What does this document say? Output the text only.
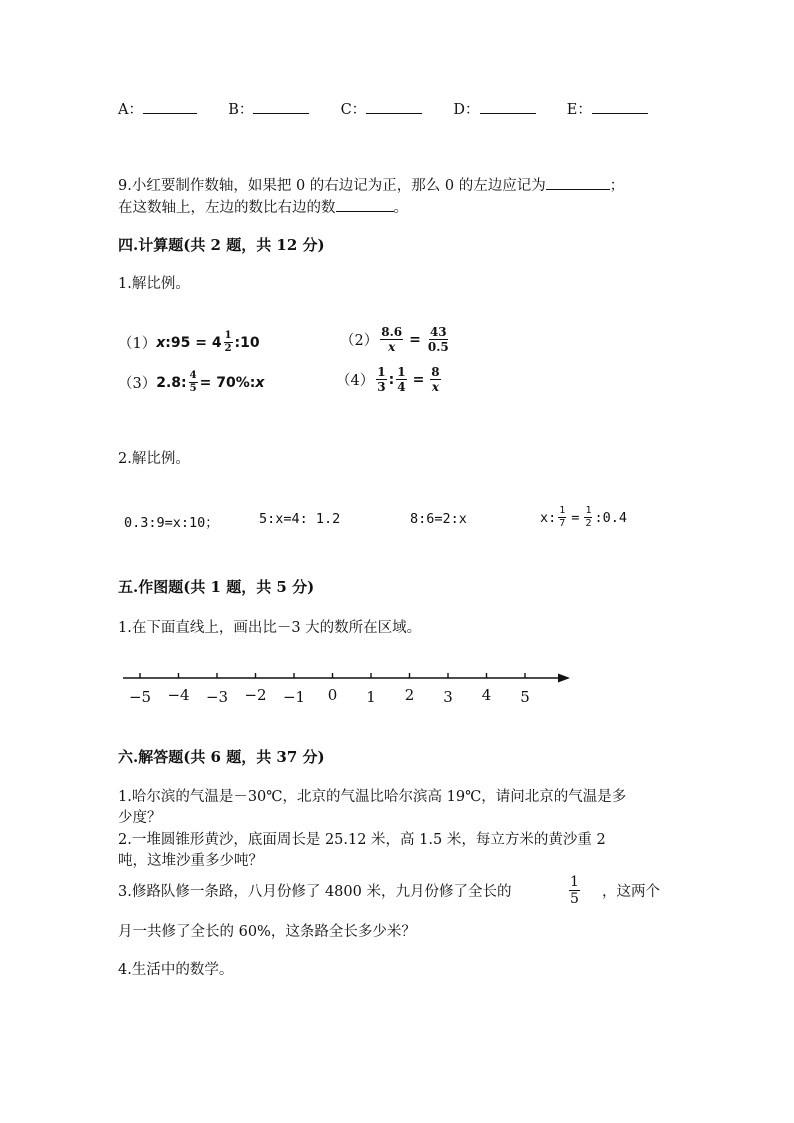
A：	B：	C：	D：	E：
9.小红要制作数轴，如果把 0 的右边记为正，那么 0 的左边应记为	；
在这数轴上，左边的数比右边的数	。
四.计算题(共 2 题，共 12 分)
1.解比例。
（1） x :95 = $4 \frac{1}{2}$ :10	$(2) \frac{8.6}{x} = \frac{43}{0.5}$
（3） 2.8: $\frac{4}{5} = 70\%$: x	$(4) \frac{1}{3}$ : $\frac{1}{4} = \frac{8}{x}$
2.解比例。
0.3:9=x:10；	5:x=4: 1.2	8:6=2:x	x: $\frac{1}{7} = \frac{1}{2}$ :0.4
五.作图题(共 1 题，共 5 分)
1.在下面直线上，画出比－3 大的数所在区域。
−5 −4 −3 −2 −1 0 1 2 3 4 5
六.解答题(共 6 题，共 37 分)
1.哈尔滨的气温是－30℃，北京的气温比哈尔滨高 19℃，请问北京的气温是多
少度？
2.一堆圆锥形黄沙，底面周长是 25.12 米，高 1.5 米，每立方米的黄沙重 2
吨，这堆沙重多少吨？
3.修路队修一条路，八月份修了 4800 米，九月份修了全长的	$\frac{1}{5}$ ，这两个
月一共修了全长的 60%，这条路全长多少米？
4.生活中的数学。
